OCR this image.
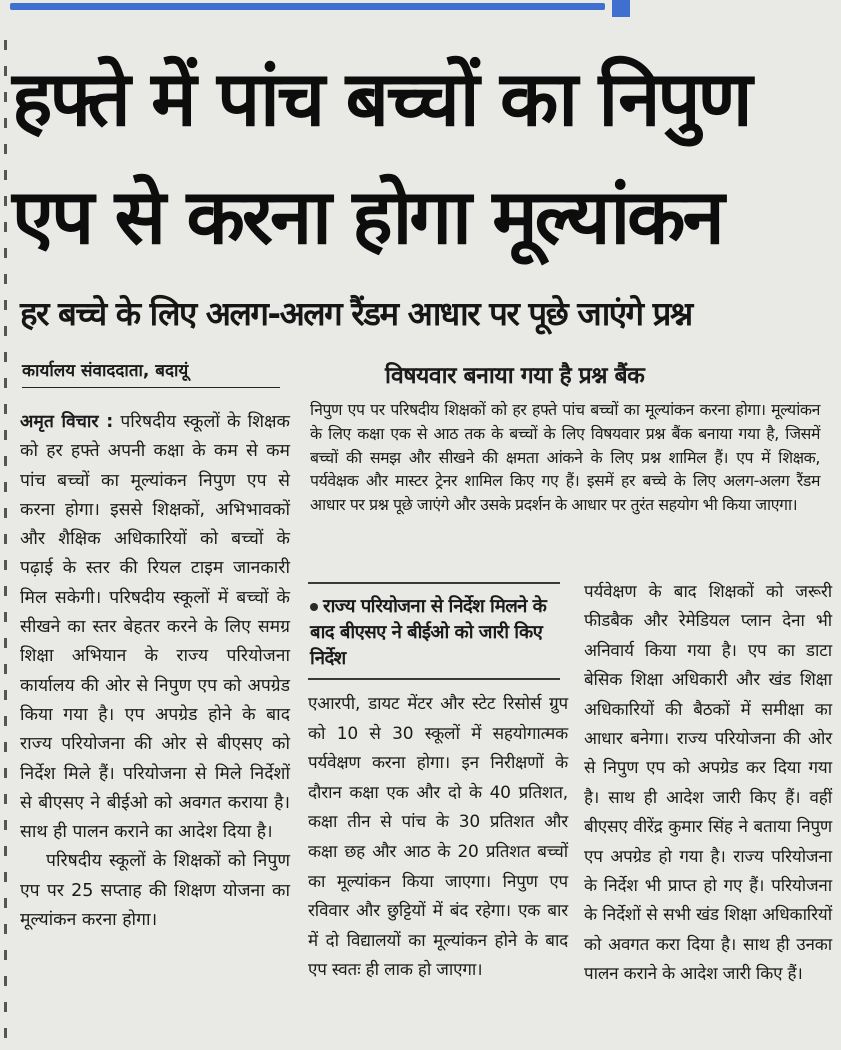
हफ्ते में पांच बच्चों का निपुण
एप से करना होगा मूल्यांकन
हर बच्चे के लिए अलग-अलग रैंडम आधार पर पूछे जाएंगे प्रश्न
कार्यालय संवाददाता, बदायूं

अमृत विचार : परिषदीय स्कूलों के शिक्षक को हर हफ्ते अपनी कक्षा के कम से कम पांच बच्चों का मूल्यांकन निपुण एप से करना होगा। इससे शिक्षकों, अभिभावकों और शैक्षिक अधिकारियों को बच्चों के पढ़ाई के स्तर की रियल टाइम जानकारी मिल सकेगी। परिषदीय स्कूलों में बच्चों के सीखने का स्तर बेहतर करने के लिए समग्र शिक्षा अभियान के राज्य परियोजना कार्यालय की ओर से निपुण एप को अपग्रेड किया गया है। एप अपग्रेड होने के बाद राज्य परियोजना की ओर से बीएसए को निर्देश मिले हैं। परियोजना से मिले निर्देशों से बीएसए ने बीईओ को अवगत कराया है। साथ ही पालन कराने का आदेश दिया है।

परिषदीय स्कूलों के शिक्षकों को निपुण एप पर 25 सप्ताह की शिक्षण योजना का मूल्यांकन करना होगा।

विषयवार बनाया गया है प्रश्न बैंक
निपुण एप पर परिषदीय शिक्षकों को हर हफ्ते पांच बच्चों का मूल्यांकन करना होगा। मूल्यांकन के लिए कक्षा एक से आठ तक के बच्चों के लिए विषयवार प्रश्न बैंक बनाया गया है, जिसमें बच्चों की समझ और सीखने की क्षमता आंकने के लिए प्रश्न शामिल हैं। एप में शिक्षक, पर्यवेक्षक और मास्टर ट्रेनर शामिल किए गए हैं। इसमें हर बच्चे के लिए अलग-अलग रैंडम आधार पर प्रश्न पूछे जाएंगे और उसके प्रदर्शन के आधार पर तुरंत सहयोग भी किया जाएगा।
राज्य परियोजना से निर्देश मिलने के बाद बीएसए ने बीईओ को जारी किए निर्देश

एआरपी, डायट मेंटर और स्टेट रिसोर्स ग्रुप को 10 से 30 स्कूलों में सहयोगात्मक पर्यवेक्षण करना होगा। इन निरीक्षणों के दौरान कक्षा एक और दो के 40 प्रतिशत, कक्षा तीन से पांच के 30 प्रतिशत और कक्षा छह और आठ के 20 प्रतिशत बच्चों का मूल्यांकन किया जाएगा। निपुण एप रविवार और छुट्टियों में बंद रहेगा। एक बार में दो विद्यालयों का मूल्यांकन होने के बाद एप स्वतः ही लाक हो जाएगा।

पर्यवेक्षण के बाद शिक्षकों को जरूरी फीडबैक और रेमेडियल प्लान देना भी अनिवार्य किया गया है। एप का डाटा बेसिक शिक्षा अधिकारी और खंड शिक्षा अधिकारियों की बैठकों में समीक्षा का आधार बनेगा। राज्य परियोजना की ओर से निपुण एप को अपग्रेड कर दिया गया है। साथ ही आदेश जारी किए हैं। वहीं बीएसए वीरेंद्र कुमार सिंह ने बताया निपुण एप अपग्रेड हो गया है। राज्य परियोजना के निर्देश भी प्राप्त हो गए हैं। परियोजना के निर्देशों से सभी खंड शिक्षा अधिकारियों को अवगत करा दिया है। साथ ही उनका पालन कराने के आदेश जारी किए हैं।
